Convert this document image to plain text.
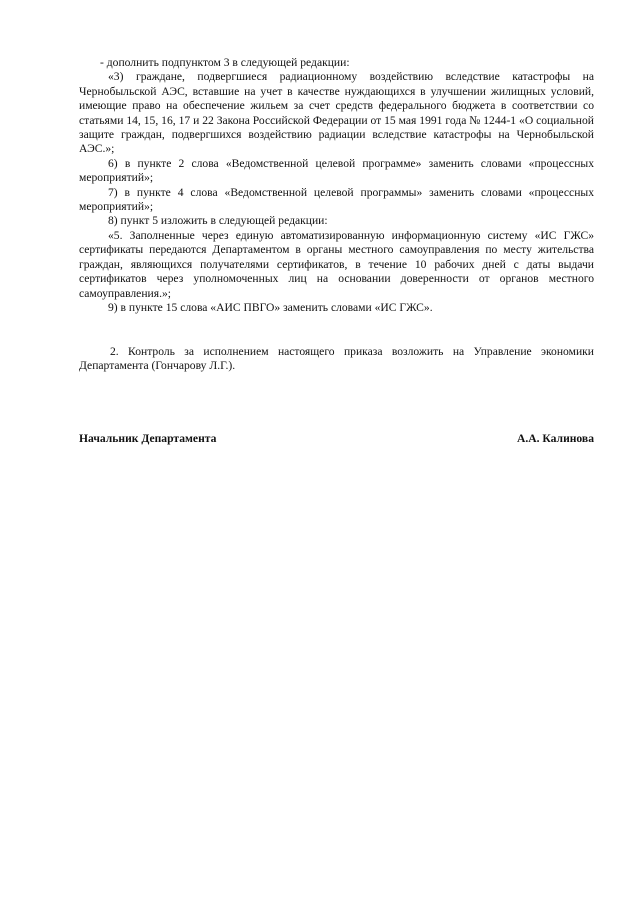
- дополнить подпунктом 3 в следующей редакции:

«3) граждане, подвергшиеся радиационному воздействию вследствие катастрофы на Чернобыльской АЭС, вставшие на учет в качестве нуждающихся в улучшении жилищных условий, имеющие право на обеспечение жильем за счет средств федерального бюджета в соответствии со статьями 14, 15, 16, 17 и 22 Закона Российской Федерации от 15 мая 1991 года № 1244-1 «О социальной защите граждан, подвергшихся воздействию радиации вследствие катастрофы на Чернобыльской АЭС.»;

6) в пункте 2 слова «Ведомственной целевой программе» заменить словами «процессных мероприятий»;

7) в пункте 4 слова «Ведомственной целевой программы» заменить словами «процессных мероприятий»;

8) пункт 5 изложить в следующей редакции:

«5. Заполненные через единую автоматизированную информационную систему «ИС ГЖС» сертификаты передаются Департаментом в органы местного самоуправления по месту жительства граждан, являющихся получателями сертификатов, в течение 10 рабочих дней с даты выдачи сертификатов через уполномоченных лиц на основании доверенности от органов местного самоуправления.»;

9) в пункте 15 слова «АИС ПВГО» заменить словами «ИС ГЖС».

2. Контроль за исполнением настоящего приказа возложить на Управление экономики Департамента (Гончарову Л.Г.).

Начальник Департамента	А.А. Калинова
